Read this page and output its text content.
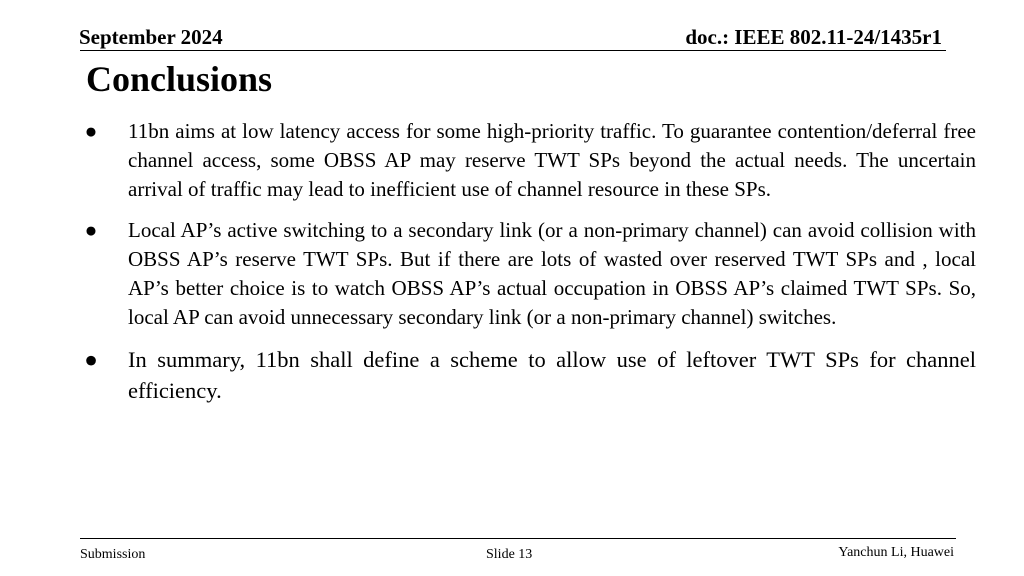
September 2024	doc.: IEEE 802.11-24/1435r1
Conclusions
● 11bn aims at low latency access for some high-priority traffic. To guarantee contention/deferral free channel access, some OBSS AP may reserve TWT SPs beyond the actual needs. The uncertain arrival of traffic may lead to inefficient use of channel resource in these SPs.
● Local AP’s active switching to a secondary link (or a non-primary channel) can avoid collision with OBSS AP’s reserve TWT SPs. But if there are lots of wasted over reserved TWT SPs and , local AP’s better choice is to watch OBSS AP’s actual occupation in OBSS AP’s claimed TWT SPs. So, local AP can avoid unnecessary secondary link (or a non-primary channel) switches.
● In summary, 11bn shall define a scheme to allow use of leftover TWT SPs for channel efficiency.
Submission	Slide 13	Yanchun Li, Huawei
